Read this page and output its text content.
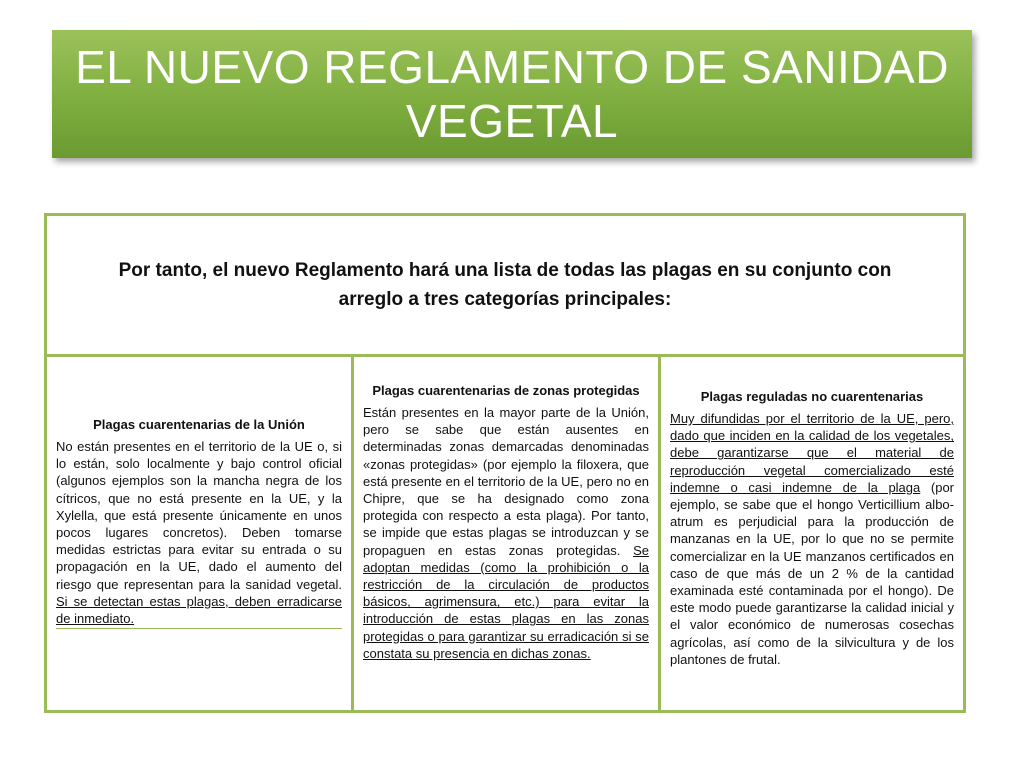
EL NUEVO REGLAMENTO DE SANIDAD
VEGETAL

Por tanto, el nuevo Reglamento hará una lista de todas las plagas en su conjunto con arreglo a tres categorías principales:

Plagas cuarentenarias de la Unión
No están presentes en el territorio de la UE o, si lo están, solo localmente y bajo control oficial (algunos ejemplos son la mancha negra de los cítricos, que no está presente en la UE, y la Xylella, que está presente únicamente en unos pocos lugares concretos). Deben tomarse medidas estrictas para evitar su entrada o su propagación en la UE, dado el aumento del riesgo que representan para la sanidad vegetal. Si se detectan estas plagas, deben erradicarse de inmediato.
Plagas cuarentenarias de zonas protegidas
Están presentes en la mayor parte de la Unión, pero se sabe que están ausentes en determinadas zonas demarcadas denominadas «zonas protegidas» (por ejemplo la filoxera, que está presente en el territorio de la UE, pero no en Chipre, que se ha designado como zona protegida con respecto a esta plaga). Por tanto, se impide que estas plagas se introduzcan y se propaguen en estas zonas protegidas. Se adoptan medidas (como la prohibición o la restricción de la circulación de productos básicos, agrimensura, etc.) para evitar la introducción de estas plagas en las zonas protegidas o para garantizar su erradicación si se constata su presencia en dichas zonas.
Plagas reguladas no cuarentenarias
Muy difundidas por el territorio de la UE, pero, dado que inciden en la calidad de los vegetales, debe garantizarse que el material de reproducción vegetal comercializado esté indemne o casi indemne de la plaga (por ejemplo, se sabe que el hongo Verticillium albo-atrum es perjudicial para la producción de manzanas en la UE, por lo que no se permite comercializar en la UE manzanos certificados en caso de que más de un 2 % de la cantidad examinada esté contaminada por el hongo). De este modo puede garantizarse la calidad inicial y el valor económico de numerosas cosechas agrícolas, así como de la silvicultura y de los plantones de frutal.
